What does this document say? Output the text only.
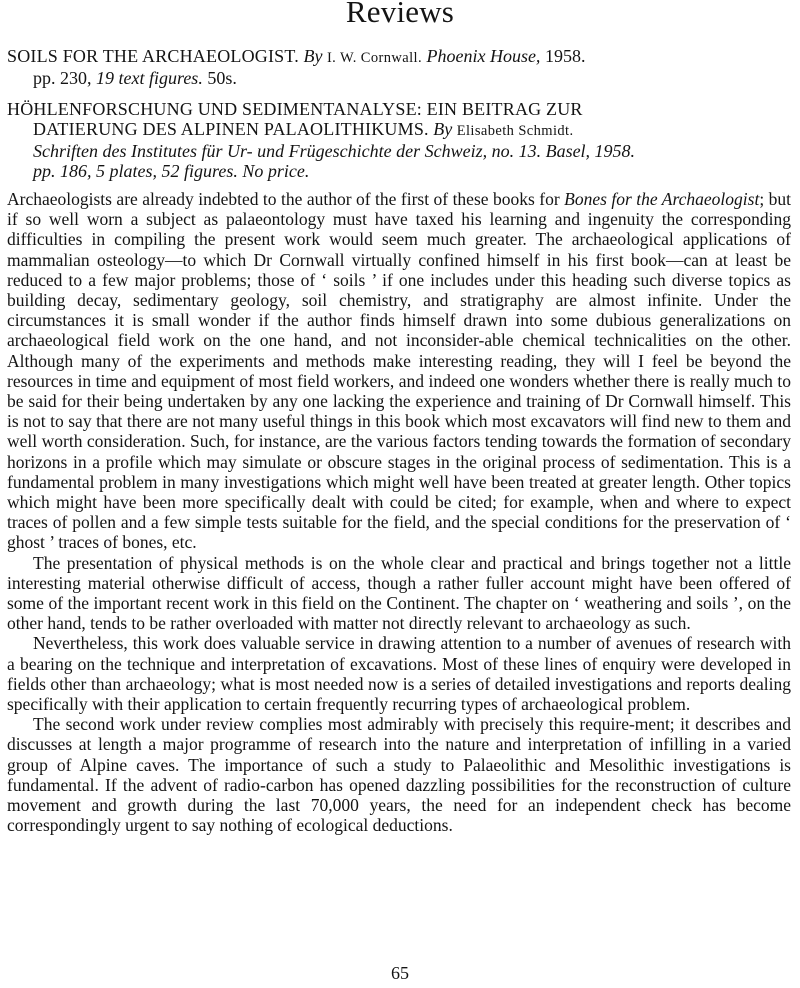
Reviews
SOILS FOR THE ARCHAEOLOGIST. By I. W. Cornwall. Phoenix House, 1958.
pp. 230, 19 text figures. 50s.
HÖHLENFORSCHUNG UND SEDIMENTANALYSE: EIN BEITRAG ZUR
DATIERUNG DES ALPINEN PALAOLITHIKUMS. By Elisabeth Schmidt.
Schriften des Institutes für Ur- und Frügeschichte der Schweiz, no. 13. Basel, 1958.
pp. 186, 5 plates, 52 figures. No price.

Archaeologists are already indebted to the author of the first of these books for Bones for the Archaeologist; but if so well worn a subject as palaeontology must have taxed his learning and ingenuity the corresponding difficulties in compiling the present work would seem much greater. The archaeological applications of mammalian osteology—to which Dr Cornwall virtually confined himself in his first book—can at least be reduced to a few major problems; those of ‘ soils ’ if one includes under this heading such diverse topics as building decay, sedimentary geology, soil chemistry, and stratigraphy are almost infinite. Under the circumstances it is small wonder if the author finds himself drawn into some dubious generalizations on archaeological field work on the one hand, and not inconsider-able chemical technicalities on the other. Although many of the experiments and methods make interesting reading, they will I feel be beyond the resources in time and equipment of most field workers, and indeed one wonders whether there is really much to be said for their being undertaken by any one lacking the experience and training of Dr Cornwall himself. This is not to say that there are not many useful things in this book which most excavators will find new to them and well worth consideration. Such, for instance, are the various factors tending towards the formation of secondary horizons in a profile which may simulate or obscure stages in the original process of sedimentation. This is a fundamental problem in many investigations which might well have been treated at greater length. Other topics which might have been more specifically dealt with could be cited; for example, when and where to expect traces of pollen and a few simple tests suitable for the field, and the special conditions for the preservation of ‘ ghost ’ traces of bones, etc.

The presentation of physical methods is on the whole clear and practical and brings together not a little interesting material otherwise difficult of access, though a rather fuller account might have been offered of some of the important recent work in this field on the Continent. The chapter on ‘ weathering and soils ’, on the other hand, tends to be rather overloaded with matter not directly relevant to archaeology as such.

Nevertheless, this work does valuable service in drawing attention to a number of avenues of research with a bearing on the technique and interpretation of excavations. Most of these lines of enquiry were developed in fields other than archaeology; what is most needed now is a series of detailed investigations and reports dealing specifically with their application to certain frequently recurring types of archaeological problem.

The second work under review complies most admirably with precisely this require-ment; it describes and discusses at length a major programme of research into the nature and interpretation of infilling in a varied group of Alpine caves. The importance of such a study to Palaeolithic and Mesolithic investigations is fundamental. If the advent of radio-carbon has opened dazzling possibilities for the reconstruction of culture movement and growth during the last 70,000 years, the need for an independent check has become correspondingly urgent to say nothing of ecological deductions.

65
